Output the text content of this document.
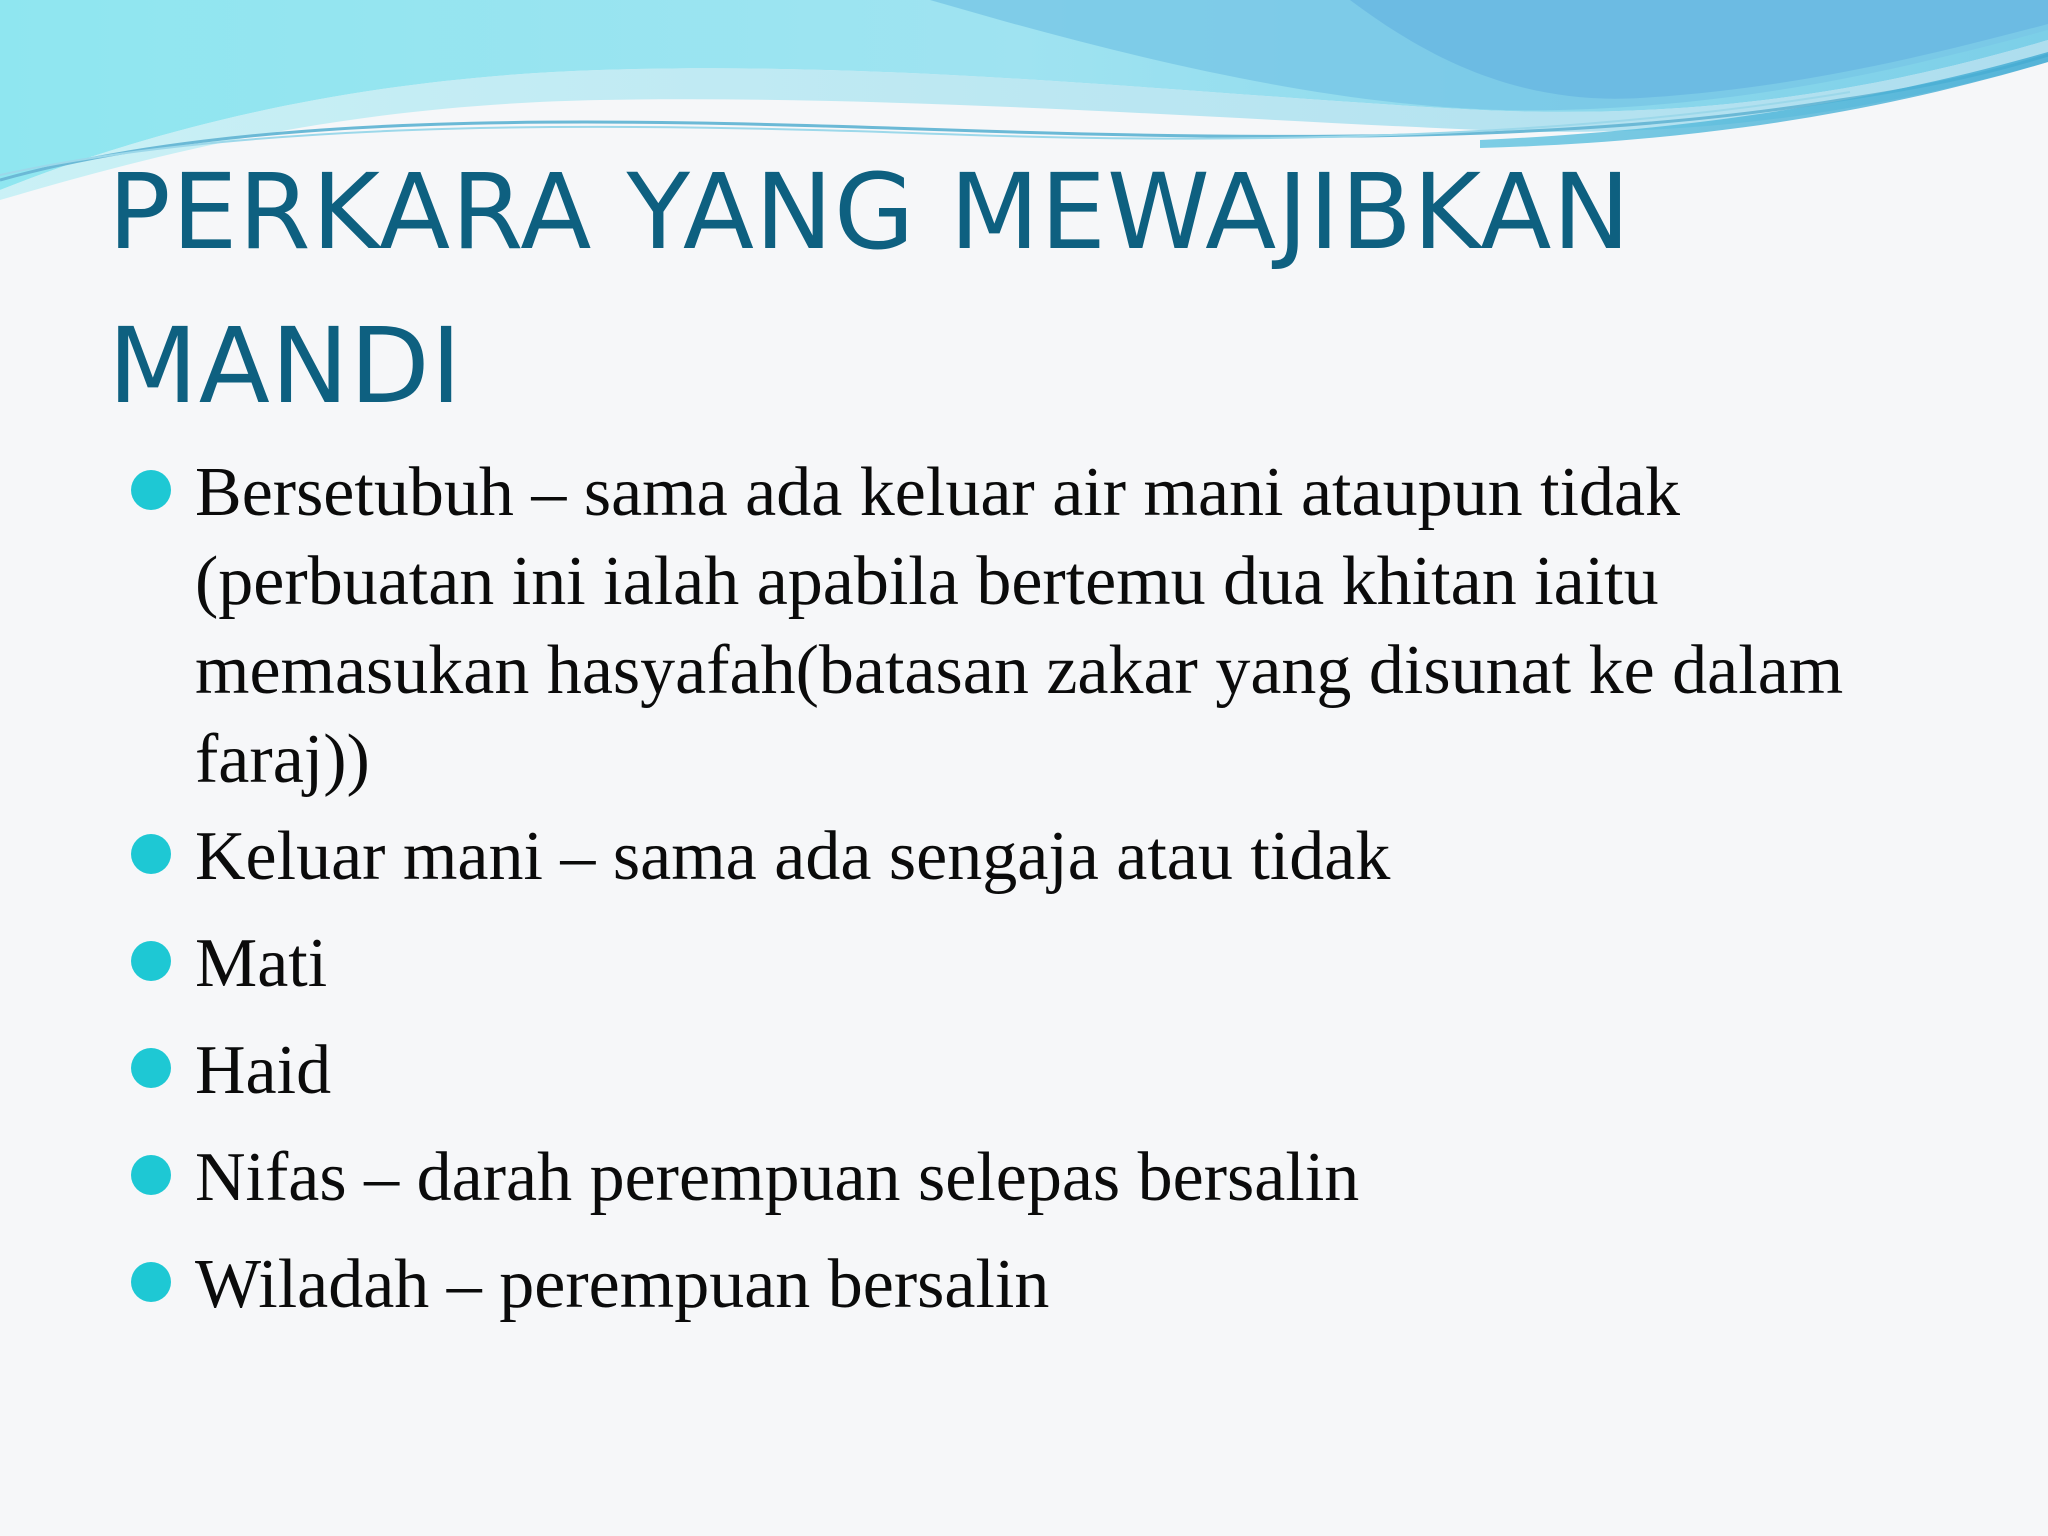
PERKARA YANG MEWAJIBKAN MANDI
Bersetubuh – sama ada keluar air mani ataupun tidak (perbuatan ini ialah apabila bertemu dua khitan iaitu memasukan hasyafah(batasan zakar yang disunat ke dalam faraj))
Keluar mani – sama ada sengaja atau tidak
Mati
Haid
Nifas – darah perempuan selepas bersalin
Wiladah – perempuan bersalin
